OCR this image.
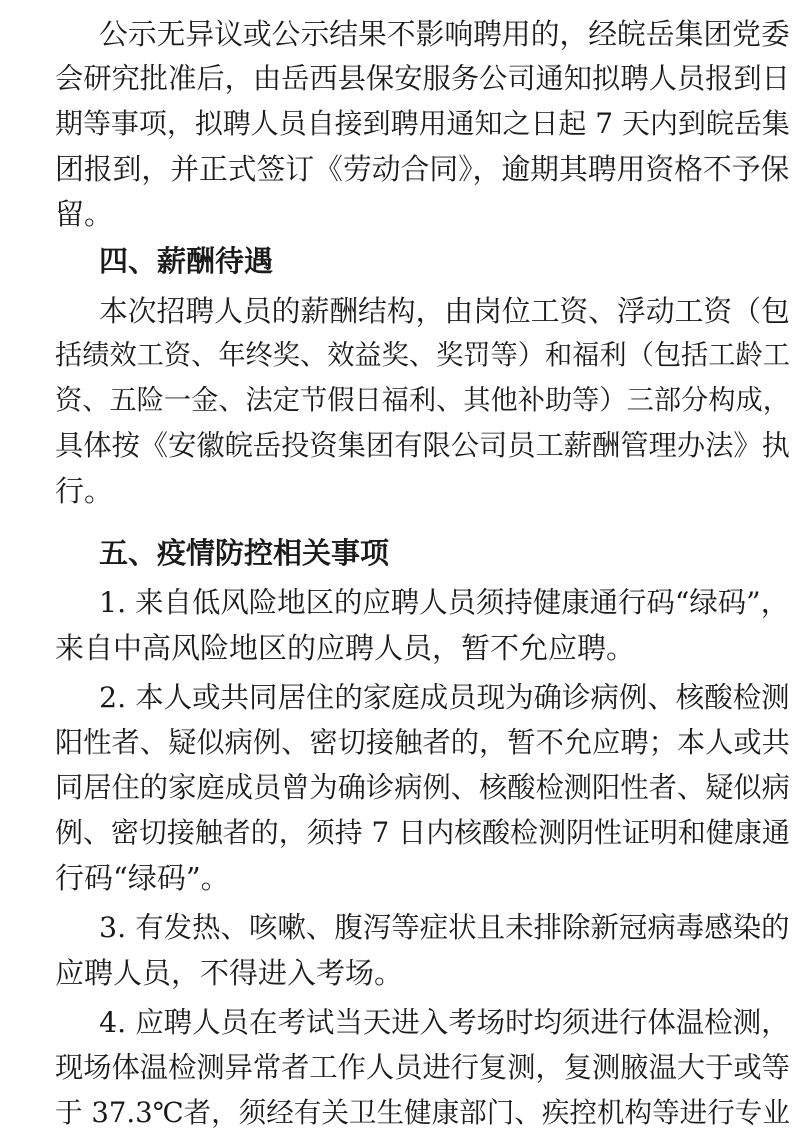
公示无异议或公示结果不影响聘用的，经皖岳集团党委
会研究批准后，由岳西县保安服务公司通知拟聘人员报到日
期等事项，拟聘人员自接到聘用通知之日起 7 天内到皖岳集
团报到，并正式签订《劳动合同》，逾期其聘用资格不予保
留。
四、薪酬待遇
本次招聘人员的薪酬结构，由岗位工资、浮动工资（包
括绩效工资、年终奖、效益奖、奖罚等）和福利（包括工龄工
资、五险一金、法定节假日福利、其他补助等）三部分构成，
具体按《安徽皖岳投资集团有限公司员工薪酬管理办法》执
行。
五、疫情防控相关事项
1. 来自低风险地区的应聘人员须持健康通行码“绿码”，
来自中高风险地区的应聘人员，暂不允应聘。
2. 本人或共同居住的家庭成员现为确诊病例、核酸检测
阳性者、疑似病例、密切接触者的，暂不允应聘；本人或共
同居住的家庭成员曾为确诊病例、核酸检测阳性者、疑似病
例、密切接触者的，须持 7 日内核酸检测阴性证明和健康通
行码“绿码”。
3. 有发热、咳嗽、腹泻等症状且未排除新冠病毒感染的
应聘人员，不得进入考场。
4. 应聘人员在考试当天进入考场时均须进行体温检测，
现场体温检测异常者工作人员进行复测，复测腋温大于或等
于 37.3℃者，须经有关卫生健康部门、疾控机构等进行专业
